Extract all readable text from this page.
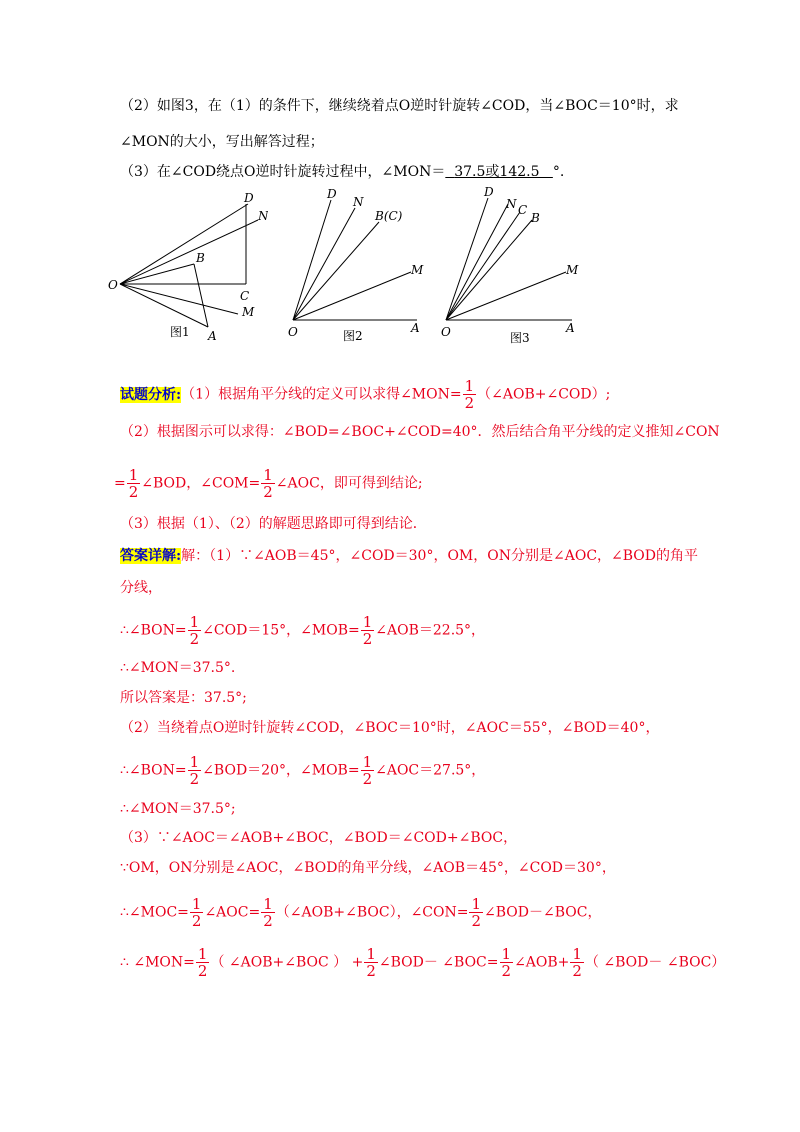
（2）如图3，在（1）的条件下，继续绕着点O逆时针旋转∠COD，当∠BOC＝10°时，求
∠MON的大小，写出解答过程；
（3）在∠COD绕点O逆时针旋转过程中，∠MON＝ 37.5或142.5 °.
O
D
N
B
C
M
A
图1
D
N
B(C)
M
O	A
图2
D
N C
B
M
O	A
图3
试题分析:（1）根据角平分线的定义可以求得∠MON= $\frac{1}{2}$ （∠AOB+∠COD）;
（2）根据图示可以求得：∠BOD=∠BOC+∠COD=40°．然后结合角平分线的定义推知∠CON
= $\frac{1}{2}$ ∠BOD，∠COM= $\frac{1}{2}$ ∠AOC，即可得到结论;
（3）根据（1）、（2）的解题思路即可得到结论．
答案详解:解：（1）∵∠AOB＝45°，∠COD＝30°，OM，ON分别是∠AOC，∠BOD的角平
分线，
∴∠BON= $\frac{1}{2}$ ∠COD＝15°，∠MOB= $\frac{1}{2}$ ∠AOB＝22.5°，
∴∠MON＝37.5°.
所以答案是：37.5°;
（2）当绕着点O逆时针旋转∠COD，∠BOC＝10°时，∠AOC＝55°，∠BOD＝40°，
∴∠BON= $\frac{1}{2}$ ∠BOD＝20°，∠MOB= $\frac{1}{2}$ ∠AOC＝27.5°，
∴∠MON＝37.5°;
（3）∵∠AOC＝∠AOB+∠BOC，∠BOD＝∠COD+∠BOC，
∵OM，ON分别是∠AOC，∠BOD的角平分线，∠AOB＝45°，∠COD＝30°，
∴∠MOC= $\frac{1}{2}$ ∠AOC= $\frac{1}{2}$ （∠AOB+∠BOC），∠CON= $\frac{1}{2}$ ∠BOD－∠BOC，
∴ ∠MON= $\frac{1}{2}$ （ ∠AOB+∠BOC ） + $\frac{1}{2}$ ∠BOD－ ∠BOC= $\frac{1}{2}$ ∠AOB+ $\frac{1}{2}$ （ ∠BOD－ ∠BOC）
